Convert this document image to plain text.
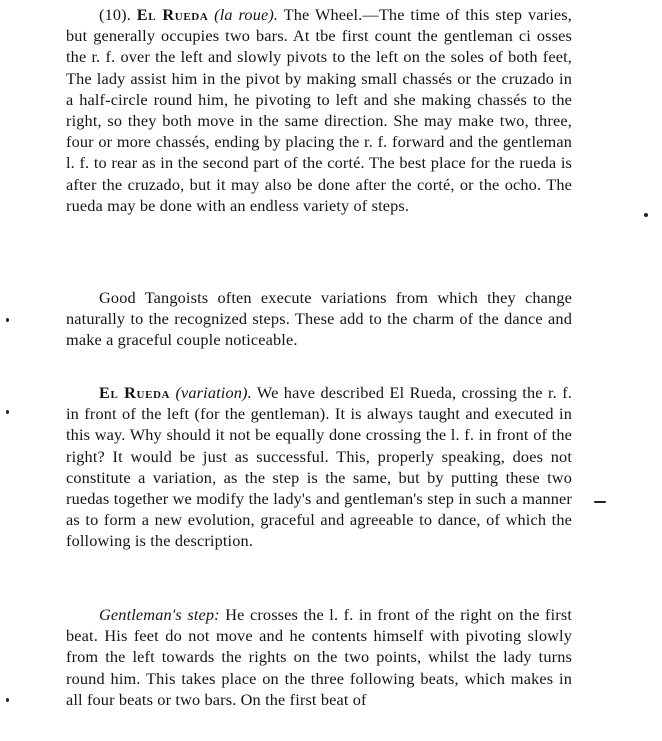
(10). El Rueda (la roue). The Wheel.—The time of this step varies, but generally occupies two bars. At tbe first count the gentleman ci osses the r. f. over the left and slowly pivots to the left on the soles of both feet, The lady assist him in the pivot by making small chassés or the cruzado in a half-circle round him, he pivoting to left and she making chassés to the right, so they both move in the same direction. She may make two, three, four or more chassés, ending by placing the r. f. forward and the gentleman l. f. to rear as in the second part of the corté. The best place for the rueda is after the cruzado, but it may also be done after the corté, or the ocho. The rueda may be done with an endless variety of steps.

Good Tangoists often execute variations from which they change naturally to the recognized steps. These add to the charm of the dance and make a graceful couple noticeable.

El Rueda (variation). We have described El Rueda, crossing the r. f. in front of the left (for the gentleman). It is always taught and executed in this way. Why should it not be equally done crossing the l. f. in front of the right? It would be just as successful. This, properly speaking, does not constitute a variation, as the step is the same, but by putting these two ruedas together we modify the lady's and gentleman's step in such a manner as to form a new evolution, graceful and agreeable to dance, of which the following is the description.

Gentleman's step: He crosses the l. f. in front of the right on the first beat. His feet do not move and he contents himself with pivoting slowly from the left towards the rights on the two points, whilst the lady turns round him. This takes place on the three following beats, which makes in all four beats or two bars. On the first beat of
